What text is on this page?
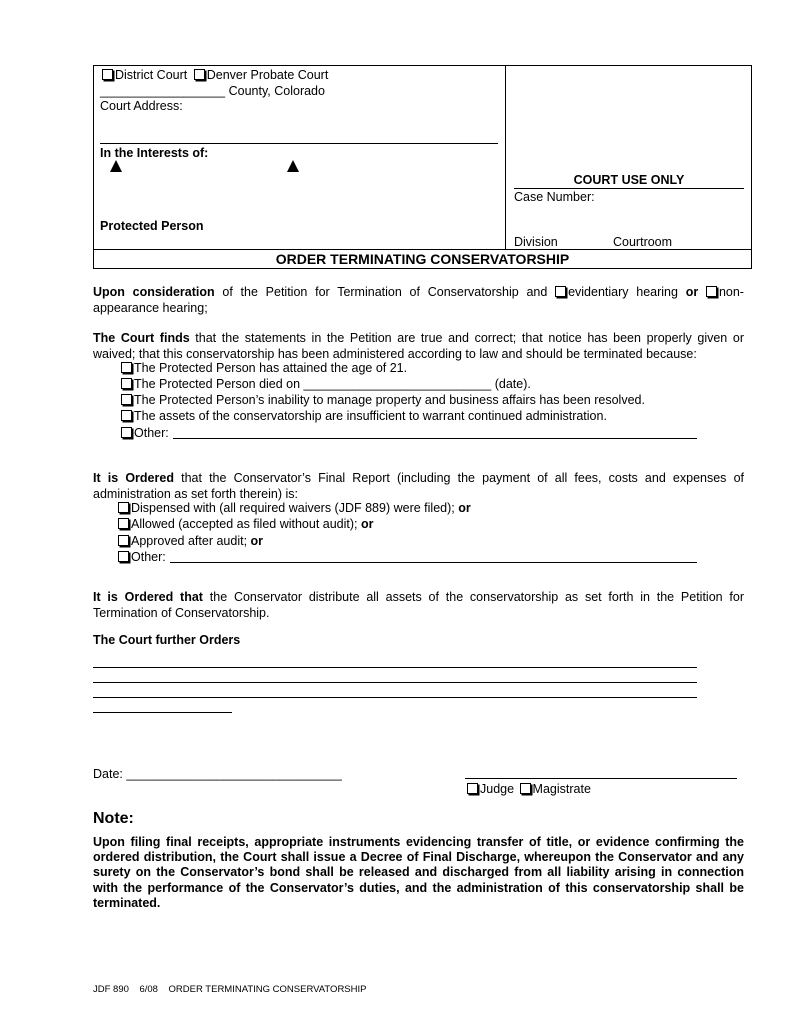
District Court Denver Probate Court
__________________ County, Colorado
Court Address:
In the Interests of:
Protected Person
COURT USE ONLY
Case Number:
Division	Courtroom
ORDER TERMINATING CONSERVATORSHIP
Upon consideration of the Petition for Termination of Conservatorship and evidentiary hearing or non-appearance hearing;
The Court finds that the statements in the Petition are true and correct; that notice has been properly given or waived; that this conservatorship has been administered according to law and should be terminated because:
The Protected Person has attained the age of 21.
The Protected Person died on ___________________________ (date).
The Protected Person’s inability to manage property and business affairs has been resolved.
The assets of the conservatorship are insufficient to warrant continued administration.
Other:
It is Ordered that the Conservator’s Final Report (including the payment of all fees, costs and expenses of administration as set forth therein) is:
Dispensed with (all required waivers (JDF 889) were filed); or
Allowed (accepted as filed without audit); or
Approved after audit; or
Other:
It is Ordered that the Conservator distribute all assets of the conservatorship as set forth in the Petition for Termination of Conservatorship.
The Court further Orders
Date: _______________________________
Judge Magistrate
Note:
Upon filing final receipts, appropriate instruments evidencing transfer of title, or evidence confirming the ordered distribution, the Court shall issue a Decree of Final Discharge, whereupon the Conservator and any surety on the Conservator’s bond shall be released and discharged from all liability arising in connection with the performance of the Conservator’s duties, and the administration of this conservatorship shall be terminated.
JDF 890 6/08 ORDER TERMINATING CONSERVATORSHIP
